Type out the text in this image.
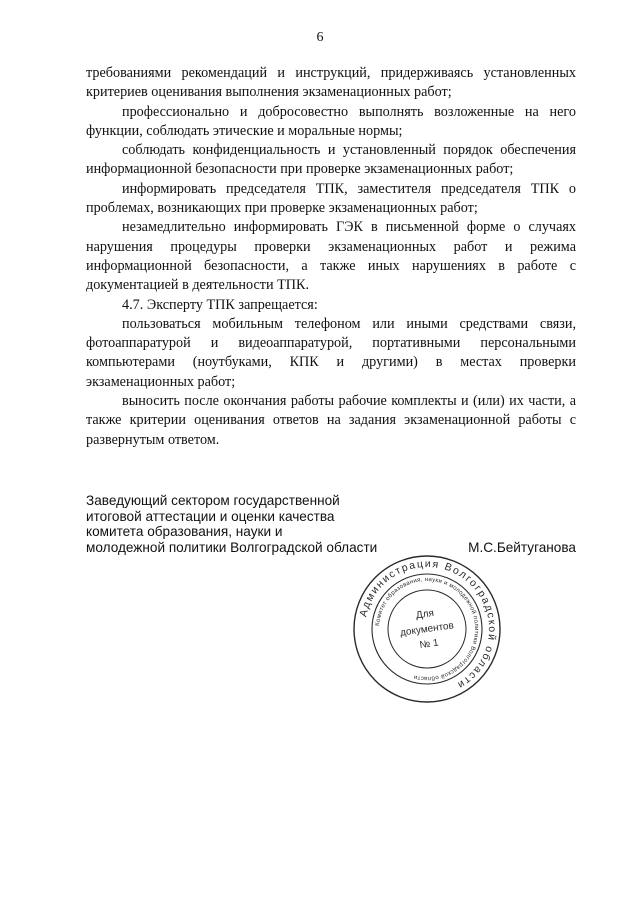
6

требованиями рекомендаций и инструкций, придерживаясь установленных критериев оценивания выполнения экзаменационных работ;

профессионально и добросовестно выполнять возложенные на него функции, соблюдать этические и моральные нормы;

соблюдать конфиденциальность и установленный порядок обеспечения информационной безопасности при проверке экзаменационных работ;

информировать председателя ТПК, заместителя председателя ТПК о проблемах, возникающих при проверке экзаменационных работ;

незамедлительно информировать ГЭК в письменной форме о случаях нарушения процедуры проверки экзаменационных работ и режима информационной безопасности, а также иных нарушениях в работе с документацией в деятельности ТПК.

4.7. Эксперту ТПК запрещается:

пользоваться мобильным телефоном или иными средствами связи, фотоаппаратурой и видеоаппаратурой, портативными персональными компьютерами (ноутбуками, КПК и другими) в местах проверки экзаменационных работ;

выносить после окончания работы рабочие комплекты и (или) их части, а также критерии оценивания ответов на задания экзаменационной работы с развернутым ответом.

Заведующий сектором государственной
итоговой аттестации и оценки качества
комитета образования, науки и
молодежной политики Волгоградской области	М.С.Бейтуганова
Администрация Волгоградской области
Комитет образования, науки и молодежной политики Волгоградской области
Для
документов
№ 1
